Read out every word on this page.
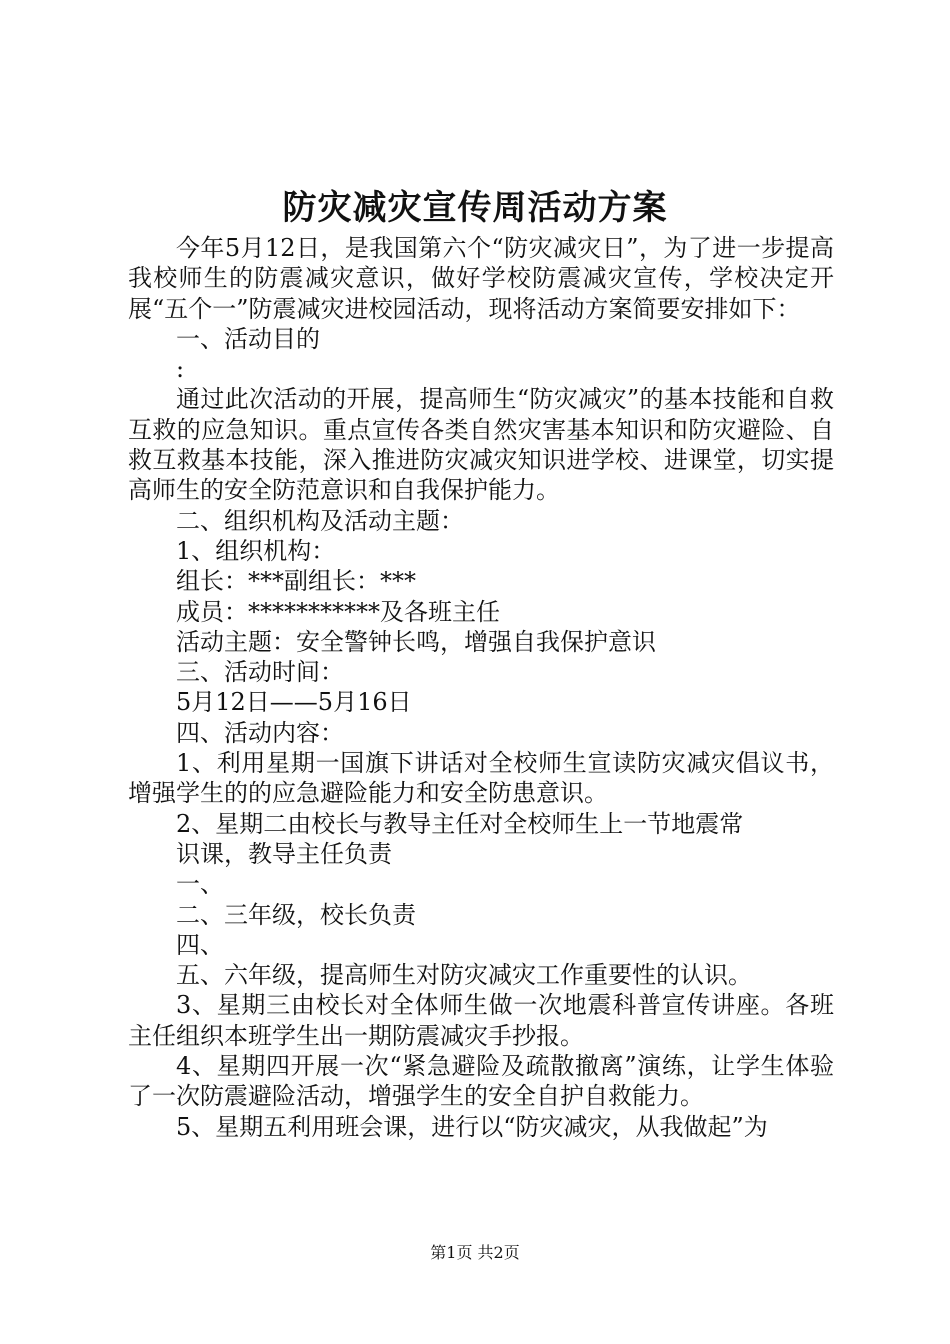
防灾减灾宣传周活动方案

今年5月12日，是我国第六个“防灾减灾日”，为了进一步提高我校师生的防震减灾意识，做好学校防震减灾宣传，学校决定开展“五个一”防震减灾进校园活动，现将活动方案简要安排如下：

一、活动目的

:

通过此次活动的开展，提高师生“防灾减灾”的基本技能和自救互救的应急知识。重点宣传各类自然灾害基本知识和防灾避险、自救互救基本技能，深入推进防灾减灾知识进学校、进课堂，切实提高师生的安全防范意识和自我保护能力。

二、组织机构及活动主题：

1、组织机构：

组长：***副组长：***

成员：***********及各班主任

活动主题：安全警钟长鸣，增强自我保护意识

三、活动时间：

5月12日——5月16日

四、活动内容：

1、利用星期一国旗下讲话对全校师生宣读防灾减灾倡议书，增强学生的的应急避险能力和安全防患意识。

2、星期二由校长与教导主任对全校师生上一节地震常

识课，教导主任负责

一、

二、三年级，校长负责

四、

五、六年级，提高师生对防灾减灾工作重要性的认识。

3、星期三由校长对全体师生做一次地震科普宣传讲座。各班主任组织本班学生出一期防震减灾手抄报。

4、星期四开展一次“紧急避险及疏散撤离”演练，让学生体验了一次防震避险活动，增强学生的安全自护自救能力。

5、星期五利用班会课，进行以“防灾减灾，从我做起”为

第1页 共2页
